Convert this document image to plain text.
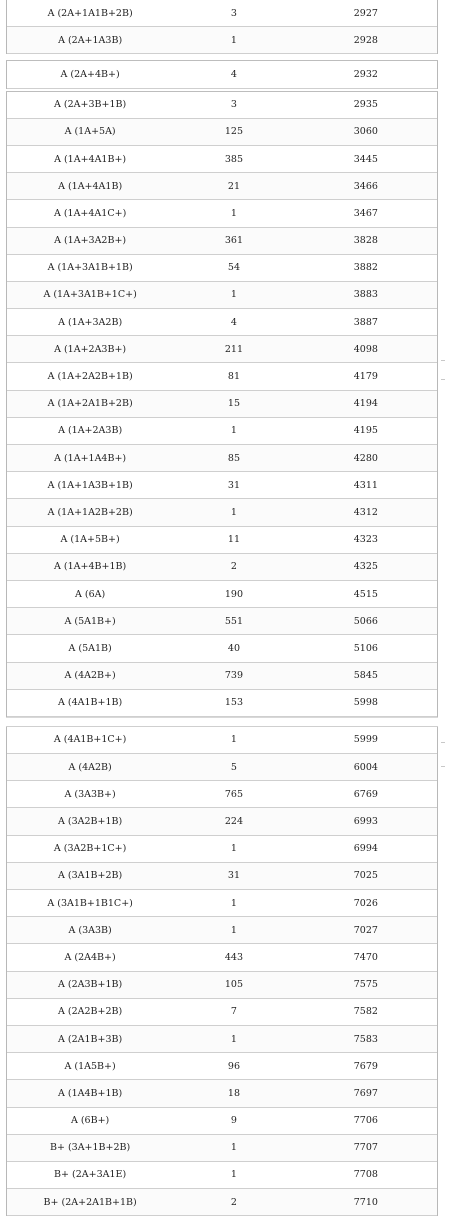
A (2A+1A1B+2B)	3	2927
A (2A+1A3B)	1	2928
A (2A+4B+)	4	2932
A (2A+3B+1B)	3	2935
A (1A+5A)	125	3060
A (1A+4A1B+)	385	3445
A (1A+4A1B)	21	3466
A (1A+4A1C+)	1	3467
A (1A+3A2B+)	361	3828
A (1A+3A1B+1B)	54	3882
A (1A+3A1B+1C+)	1	3883
A (1A+3A2B)	4	3887
A (1A+2A3B+)	211	4098
A (1A+2A2B+1B)	81	4179
A (1A+2A1B+2B)	15	4194
A (1A+2A3B)	1	4195
A (1A+1A4B+)	85	4280
A (1A+1A3B+1B)	31	4311
A (1A+1A2B+2B)	1	4312
A (1A+5B+)	11	4323
A (1A+4B+1B)	2	4325
A (6A)	190	4515
A (5A1B+)	551	5066
A (5A1B)	40	5106
A (4A2B+)	739	5845
A (4A1B+1B)	153	5998
A (4A1B+1C+)	1	5999
A (4A2B)	5	6004
A (3A3B+)	765	6769
A (3A2B+1B)	224	6993
A (3A2B+1C+)	1	6994
A (3A1B+2B)	31	7025
A (3A1B+1B1C+)	1	7026
A (3A3B)	1	7027
A (2A4B+)	443	7470
A (2A3B+1B)	105	7575
A (2A2B+2B)	7	7582
A (2A1B+3B)	1	7583
A (1A5B+)	96	7679
A (1A4B+1B)	18	7697
A (6B+)	9	7706
B+ (3A+1B+2B)	1	7707
B+ (2A+3A1E)	1	7708
B+ (2A+2A1B+1B)	2	7710
